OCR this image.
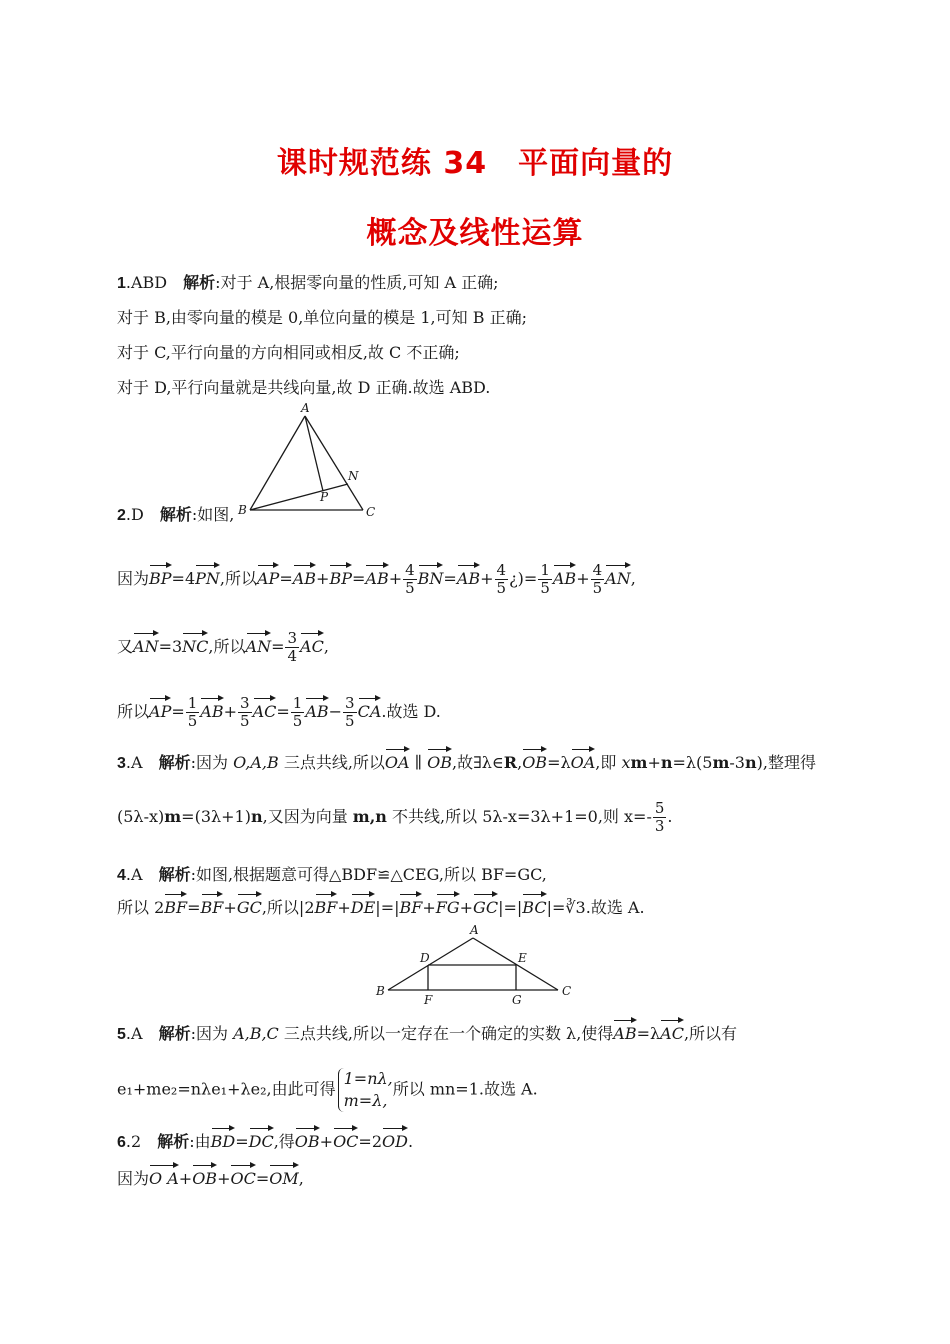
课时规范练 34　平面向量的
概念及线性运算
1.ABD　 解析:对于 A,根据零向量的性质,可知 A 正确;
对于 B,由零向量的模是 0,单位向量的模是 1,可知 B 正确;
对于 C,平行向量的方向相同或相反,故 C 不正确;
对于 D,平行向量就是共线向量,故 D 正确.故选 ABD.
A
B	C
N
P
2.D　 解析:如图,
因为BP=4PN,所以$AP=AB+BP=AB+ \frac{4}{5} BN=AB+ \frac{4}{5}$ ¿)= $\frac{1}{5} AB+ \frac{4}{5}$ AN,
又AN=3NC,所以$AN= \frac{3}{4}$ AC,
所以$AP= \frac{1}{5} AB+ \frac{3}{5} AC= \frac{1}{5} AB- \frac{3}{5}$ CA.故选 D.
3.A　 解析:因为 O,A,B 三点共线,所以OA ∥ OB,故∃λ∈R,OB=λOA,即 xm+n=λ(5m-3n),整理得
(5λ-x)m=(3λ+1)n,又因为向量 m,n 不共线,所以 5λ-x=3λ+1=0,则 $x=- \frac{5}{3}$ .
4.A　 解析:如图,根据题意可得△BDF≌△CEG,所以 BF=GC,
所以 2BF=BF+GC,所以|2BF+DE|=|BF+FG+GC|=|BC|=∛3.故选 A.
A
B	C
D	E
F	G
5.A　 解析:因为 A,B,C 三点共线,所以一定存在一个确定的实数 λ,使得AB=λAC,所以有
e₁+me₂=nλe₁+λe₂,由此可得
1=nλ,
m=λ,
所以 mn=1.故选 A.
6.2　 解析:由BD=DC,得OB+OC=2OD.
因为O A+OB+OC=OM,
